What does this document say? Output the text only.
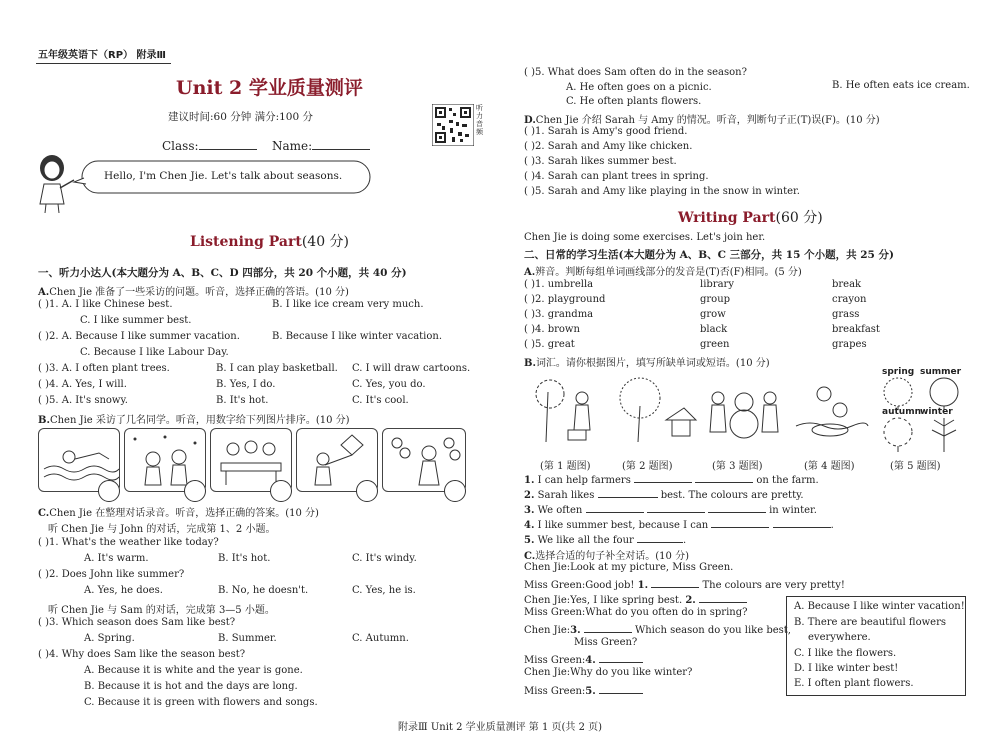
五年级英语下（RP） 附录Ⅲ
Unit 2 学业质量测评
建议时间:60 分钟 满分:100 分
Class:	Name:
听力音频
Hello, I'm Chen Jie. Let's talk about seasons.
Listening Part(40 分)
一、听力小达人(本大题分为 A、B、C、D 四部分，共 20 个小题，共 40 分)
A.Chen Jie 准备了一些采访的问题。听音，选择正确的答语。(10 分)
( )1. A. I like Chinese best.	B. I like ice cream very much.
C. I like summer best.
( )2. A. Because I like summer vacation.	B. Because I like winter vacation.
C. Because I like Labour Day.
( )3. A. I often plant trees.	B. I can play basketball. C. I will draw cartoons.
( )4. A. Yes, I will.	B. Yes, I do.	C. Yes, you do.
( )5. A. It's snowy.	B. It's hot.	C. It's cool.
B.Chen Jie 采访了几名同学。听音，用数字给下列图片排序。(10 分)
C.Chen Jie 在整理对话录音。听音，选择正确的答案。(10 分)
听 Chen Jie 与 John 的对话，完成第 1、2 小题。
( )1. What's the weather like today?
A. It's warm.	B. It's hot.	C. It's windy.
( )2. Does John like summer?
A. Yes, he does.	B. No, he doesn't.	C. Yes, he is.
听 Chen Jie 与 Sam 的对话，完成第 3—5 小题。
( )3. Which season does Sam like best?
A. Spring.	B. Summer.	C. Autumn.
( )4. Why does Sam like the season best?
A. Because it is white and the year is gone.
B. Because it is hot and the days are long.
C. Because it is green with flowers and songs.
( )5. What does Sam often do in the season?
A. He often goes on a picnic.	B. He often eats ice cream.
C. He often plants flowers.
D.Chen Jie 介绍 Sarah 与 Amy 的情况。听音，判断句子正(T)误(F)。(10 分)
( )1. Sarah is Amy's good friend.
( )2. Sarah and Amy like chicken.
( )3. Sarah likes summer best.
( )4. Sarah can plant trees in spring.
( )5. Sarah and Amy like playing in the snow in winter.
Writing Part(60 分)
Chen Jie is doing some exercises. Let's join her.
二、日常的学习生活(本大题分为 A、B、C 三部分，共 15 个小题，共 25 分)
A.辨音。判断每组单词画线部分的发音是(T)否(F)相同。(5 分)
( )1. umbrella	library	break
( )2. playground	group	crayon
( )3. grandma	grow	grass
( )4. brown	black	breakfast
( )5. great	green	grapes
B.词汇。请你根据图片，填写所缺单词或短语。(10 分)
spring summer
autumn winter
(第 1 题图)	(第 2 题图)	(第 3 题图)	(第 4 题图)	(第 5 题图)
1. I can help farmers	on the farm.
2. Sarah likes	best. The colours are pretty.
3. We often	in winter.
4. I like summer best, because I can	.
5. We like all the four	.
C.选择合适的句子补全对话。(10 分)
Chen Jie:Look at my picture, Miss Green.
Miss Green:Good job! 1.	The colours are very pretty!
Chen Jie:Yes, I like spring best. 2.
Miss Green:What do you often do in spring?
Chen Jie:3.	Which season do you like best,
Miss Green?
Miss Green:4.
Chen Jie:Why do you like winter?
Miss Green:5.
A. Because I like winter vacation!
B. There are beautiful flowers
everywhere.
C. I like the flowers.
D. I like winter best!
E. I often plant flowers.
附录Ⅲ Unit 2 学业质量测评 第 1 页(共 2 页)
